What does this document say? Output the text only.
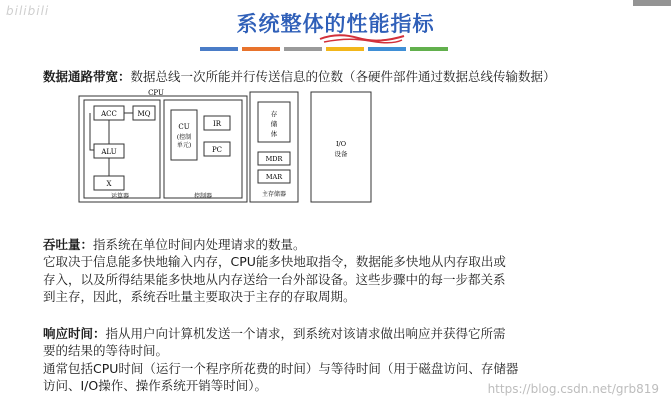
bilibili
系统整体的性能指标
数据通路带宽：数据总线一次所能并行传送信息的位数（各硬件部件通过数据总线传输数据）
CPU
ACC	MQ
ALU
X
运算器
CU
(控制
单元)
IR
PC
控制器
存
储
体
MDR
MAR
主存储器
I/O
设备
吞吐量：指系统在单位时间内处理请求的数量。
它取决于信息能多快地输入内存，CPU能多快地取指令，数据能多快地从内存取出或
存入，以及所得结果能多快地从内存送给一台外部设备。这些步骤中的每一步都关系
到主存，因此，系统吞吐量主要取决于主存的存取周期。
响应时间：指从用户向计算机发送一个请求，到系统对该请求做出响应并获得它所需
要的结果的等待时间。
通常包括CPU时间（运行一个程序所花费的时间）与等待时间（用于磁盘访问、存储器
访问、I/O操作、操作系统开销等时间）。	https://blog.csdn.net/grb819
